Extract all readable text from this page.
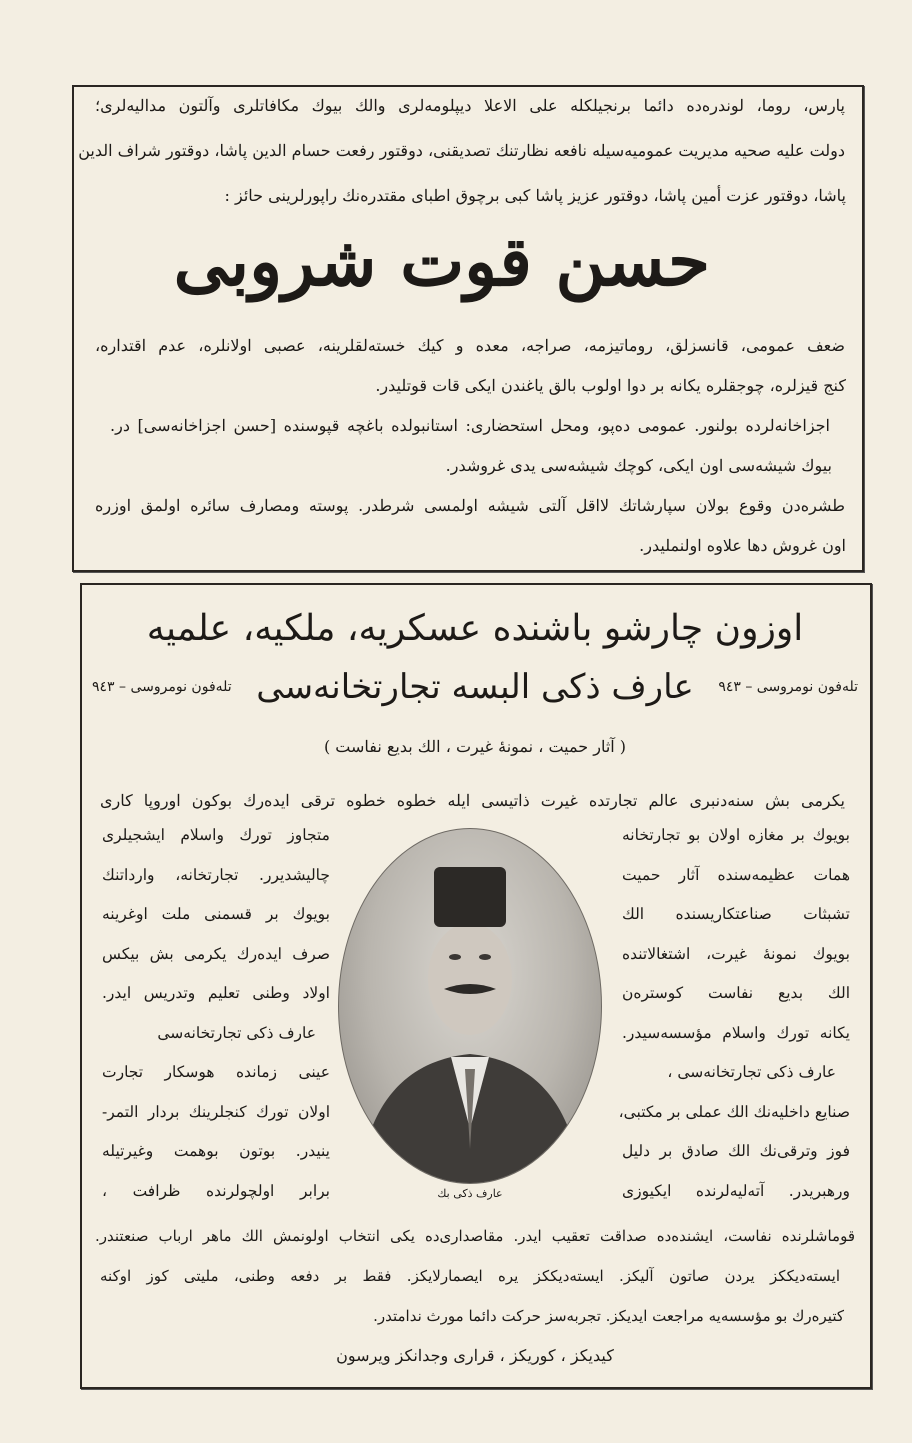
پارس، روما، لوندره‌ده دائما برنجیلكله علی الاعلا دیپلومه‌لری والك بیوك مكافاتلری وآلتون مدالیه‌لری؛
دولت علیه صحیه مدیریت عمومیه‌سیله نافعه نظارتنك تصدیقنی، دوقتور رفعت حسام الدین پاشا، دوقتور شراف الدین
پاشا، دوقتور عزت أمین پاشا، دوقتور عزیز پاشا كبی برچوق اطبای مقتدره‌نك راپورلرینی حائز :
حسن قوت شروبی
ضعف عمومی، قانسزلق، روماتیزمه، صراجه، معده و كیك خسته‌لقلرینه، عصبی اولانلره، عدم اقتداره،
كنج قیزلره، چوجقلره یكانه بر دوا اولوب بالق یاغندن ایكی قات قوتلیدر.
اجزاخانه‌لرده بولنور. عمومی ده‌پو، ومحل استحضاری: استانبولده باغچه قپوسنده [حسن اجزاخانه‌سی] در.
بیوك شیشه‌سی اون ایكی، كوچك شیشه‌سی یدی غروشدر.
طشره‌دن وقوع بولان سپارشاتك لااقل آلتی شیشه اولمسی شرطدر. پوسته ومصارف سائره اولمق اوزره
اون غروش دها علاوه اولنملیدر.
اوزون چارشو باشنده عسكریه، ملكیه، علمیه
تله‌فون نومروسی – ٩٤٣
عارف ذكی البسه تجارتخانه‌سی
تله‌فون نومروسی – ٩٤٣
( آثار حمیت ، نمونهٔ غیرت ، الك بدیع نفاست )
یكرمی بش سنه‌دنبری عالم تجارتده غیرت ذاتیسی ایله خطوه خطوه ترقی ایده‌رك بوكون اوروپا كاری
بویوك بر مغازه اولان بو تجارتخانه
همات عظیمه‌سنده آثار حمیت
تشبثات صناعتكاریسنده الك
بویوك نمونهٔ غیرت، اشتغالاتنده
الك بدیع نفاست كوستره‌ن
یكانه تورك واسلام مؤسسه‌سیدر.
عارف ذكی تجارتخانه‌سی ،
صنایع داخلیه‌نك الك عملی بر مكتبی،
فوز وترقی‌نك الك صادق بر دلیل
ورهبریدر. آته‌لیه‌لرنده ایكیوزی
عارف ذكی بك
متجاوز تورك واسلام ایشجیلری
چالیشدیرر. تجارتخانه، وارداتنك
بویوك بر قسمنی ملت اوغرینه
صرف ایده‌رك یكرمی بش بیكس
اولاد وطنی تعلیم وتدریس ایدر.
عارف ذكی تجارتخانه‌سی
عینی زمانده هوسكار تجارت
اولان تورك كنجلرینك بردار التمر-
ینیدر. بوتون بوهمت وغیرتیله
برابر اولچولرنده ظرافت ،
قوماشلرنده نفاست، ایشنده‌ده صداقت تعقیب ایدر. مقاصداری‌ده یكی انتخاب اولونمش الك ماهر ارباب صنعتندر.
ایسته‌دیككز یردن صاتون آلیكز. ایسته‌دیككز یره ایصمارلایكز. فقط بر دفعه وطنی، ملیتی كوز اوكنه
كتیره‌رك بو مؤسسه‌یه مراجعت ایدیكز. تجربه‌سز حركت دائما مورث ندامتدر.
كیدیكز ، كوریكز ، قراری وجدانكز ویرسون
